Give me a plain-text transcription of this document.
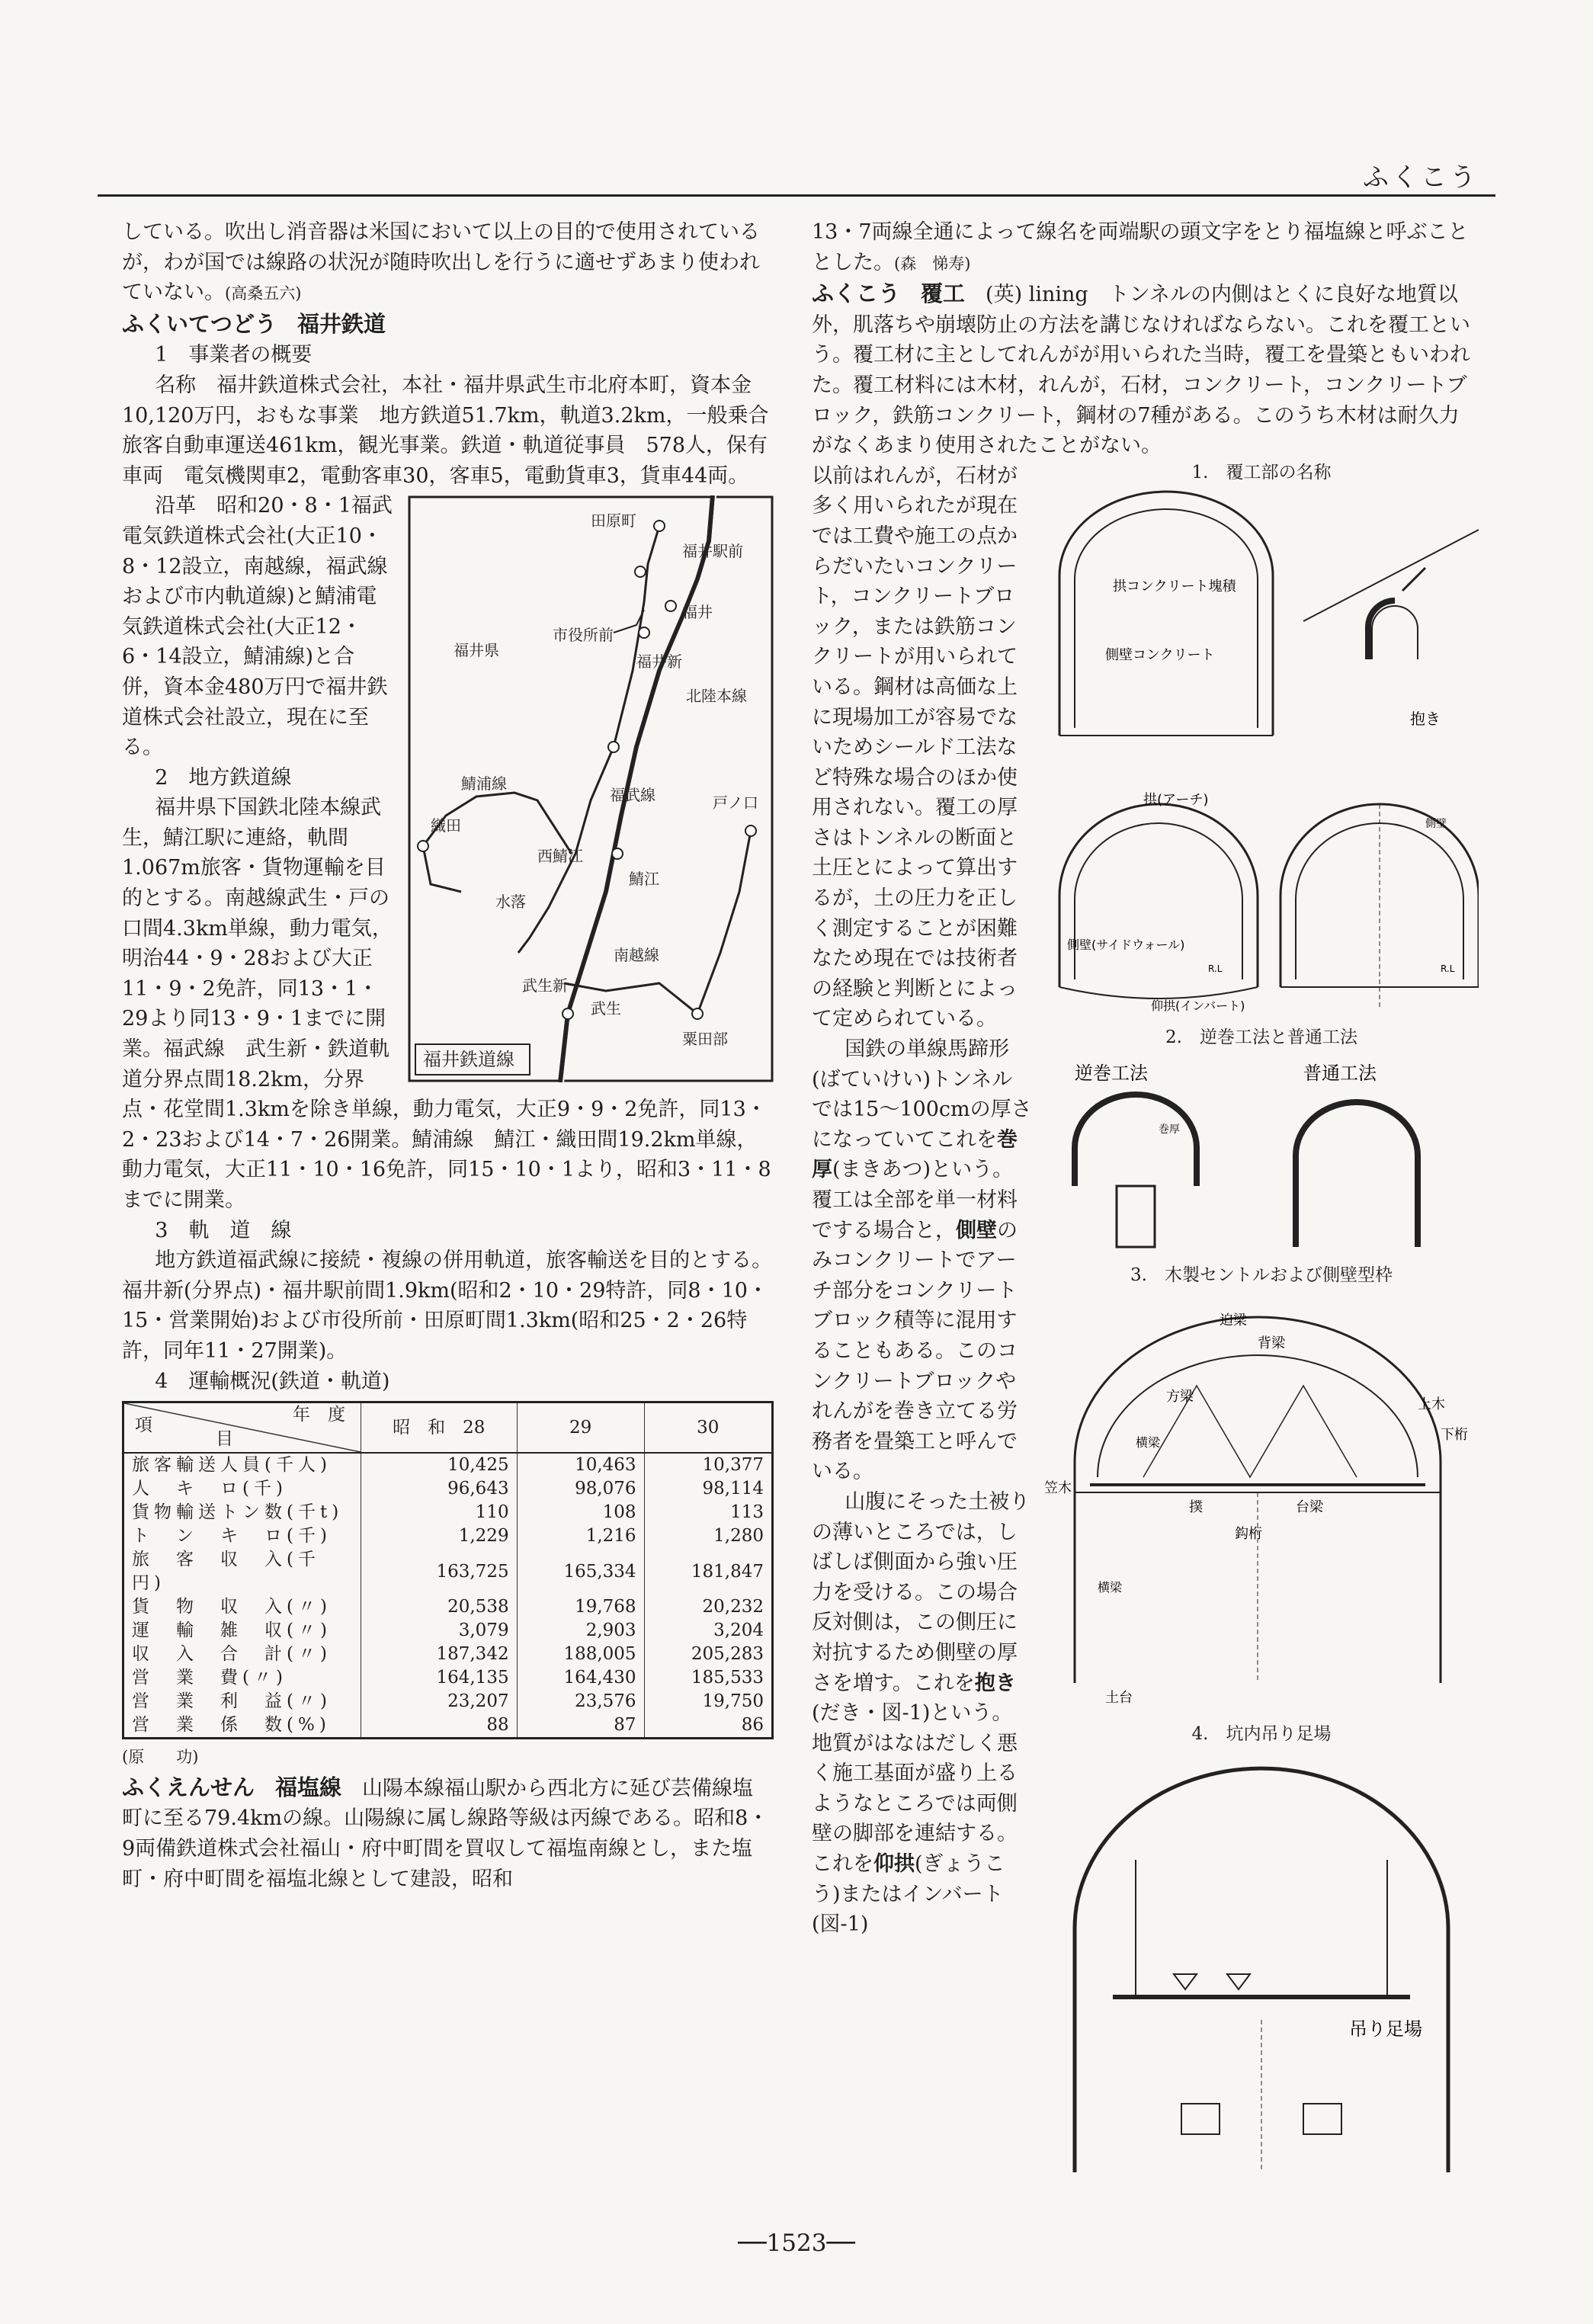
ふくこう

している。吹出し消音器は米国において以上の目的で使用されているが，わが国では線路の状況が随時吹出しを行うに適せずあまり使われていない。(高桑五六)

ふくいてつどう　 福井鉄道

1　事業者の概要

名称　福井鉄道株式会社，本社・福井県武生市北府本町，資本金　10,120万円，おもな事業　地方鉄道51.7km，軌道3.2km，一般乗合旅客自動車運送461km，観光事業。鉄道・軌道従事員　578人，保有車両　電気機関車2，電動客車30，客車5，電動貨車3，貨車44両。

田原町
福井駅前
福井
市役所前
福井新
戸ノ口
鯖江
西鯖江
織田
武生新
武生
粟田部
水落
福井県
北陸本線
福武線
鯖浦線
南越線
福井鉄道線

沿革　昭和20・8・1福武電気鉄道株式会社(大正10・8・12設立，南越線，福武線および市内軌道線)と鯖浦電気鉄道株式会社(大正12・6・14設立，鯖浦線)と合併，資本金480万円で福井鉄道株式会社設立，現在に至る。

2　地方鉄道線

福井県下国鉄北陸本線武生，鯖江駅に連絡，軌間1.067m旅客・貨物運輸を目的とする。南越線武生・戸の口間4.3km単線，動力電気，明治44・9・28および大正11・9・2免許，同13・1・29より同13・9・1までに開業。福武線　武生新・鉄道軌道分界点間18.2km，分界点・花堂間1.3kmを除き単線，動力電気，大正9・9・2免許，同13・2・23および14・7・26開業。鯖浦線　鯖江・織田間19.2km単線，動力電気，大正11・10・16免許，同15・10・1より，昭和3・11・8までに開業。

3　軌　道　線

地方鉄道福武線に接続・複線の併用軌道，旅客輸送を目的とする。福井新(分界点)・福井駅前間1.9km(昭和2・10・29特許，同8・10・15・営業開始)および市役所前・田原町間1.3km(昭和25・2・26特許，同年11・27開業)。

4　運輸概況(鉄道・軌道)

年　度
項
目	昭　和　28	29	30
旅客輸送人員(千人)	10,425	10,463	10,377
人　キ　ロ(千)	96,643	98,076	98,114
貨物輸送トン数(千t)	110	108	113
ト　ン　キ　ロ(千)	1,229	1,216	1,280
旅　客　収　入(千円)	163,725	165,334	181,847
貨　物　収　入(〃)	20,538	19,768	20,232
運　輸　雑　収(〃)	3,079	2,903	3,204
収　入　合　計(〃)	187,342	188,005	205,283
営　業　費(〃)	164,135	164,430	185,533
営　業　利　益(〃)	23,207	23,576	19,750
営　業　係　数(%)	88	87	86

(原　　功)

ふくえんせん　 福塩線　 山陽本線福山駅から西北方に延び芸備線塩町に至る79.4kmの線。山陽線に属し線路等級は丙線である。昭和8・9両備鉄道株式会社福山・府中町間を買収して福塩南線とし，また塩町・府中町間を福塩北線として建設，昭和

13・7両線全通によって線名を両端駅の頭文字をとり福塩線と呼ぶこととした。(森　悌寿)

ふくこう　 覆工　 (英) lining　 トンネルの内側はとくに良好な地質以外，肌落ちや崩壊防止の方法を講じなければならない。これを覆工という。覆工材に主としてれんがが用いられた当時，覆工を畳築ともいわれた。覆工材料には木材，れんが，石材，コンクリート，コンクリートブロック，鉄筋コンクリート，鋼材の7種がある。このうち木材は耐久力がなくあまり使用されたことがない。

1.　覆工部の名称
拱コンクリート塊積
側壁コンクリート
抱き
拱(アーチ)
側壁(サイドウォール)
仰拱(インバート)
R.L	R.L
側壁
2.　逆巻工法と普通工法
逆巻工法	普通工法
巻厚
3.　木製セントルおよび側壁型枠
迫梁
背梁
方梁	上木
下桁
笠木
横梁
撲	台梁
鈎桁
横梁
土台
4.　坑内吊り足場
吊り足場

以前はれんが，石材が多く用いられたが現在では工費や施工の点からだいたいコンクリート，コンクリートブロック，または鉄筋コンクリートが用いられている。鋼材は高価な上に現場加工が容易でないためシールド工法など特殊な場合のほか使用されない。覆工の厚さはトンネルの断面と土圧とによって算出するが，土の圧力を正しく測定することが困難なため現在では技術者の経験と判断とによって定められている。

国鉄の単線馬蹄形(ばていけい)トンネルでは15～100cmの厚さになっていてこれを巻厚(まきあつ)という。覆工は全部を単一材料でする場合と，側壁のみコンクリートでアーチ部分をコンクリートブロック積等に混用することもある。このコンクリートブロックやれんがを巻き立てる労務者を畳築工と呼んでいる。

山腹にそった土被りの薄いところでは，しばしば側面から強い圧力を受ける。この場合反対側は，この側圧に対抗するため側壁の厚さを増す。これを抱き(だき・図-1)という。地質がはなはだしく悪く施工基面が盛り上るようなところでは両側壁の脚部を連結する。これを仰拱(ぎょうこう)またはインバート(図-1)

──1523──
